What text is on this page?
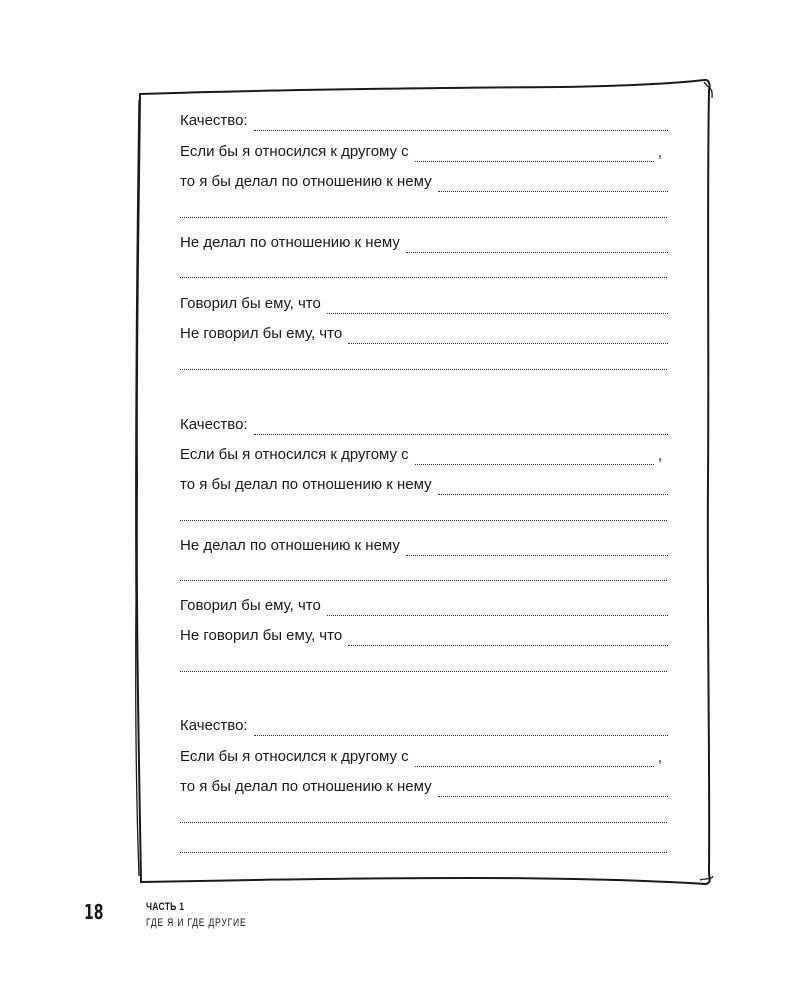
Качество:
Если бы я относился к другому с	,
то я бы делал по отношению к нему
Не делал по отношению к нему
Говорил бы ему, что
Не говорил бы ему, что
Качество:
Если бы я относился к другому с	,
то я бы делал по отношению к нему
Не делал по отношению к нему
Говорил бы ему, что
Не говорил бы ему, что
Качество:
Если бы я относился к другому с	,
то я бы делал по отношению к нему
18	ЧАСТЬ 1
ГДЕ Я И ГДЕ ДРУГИЕ
